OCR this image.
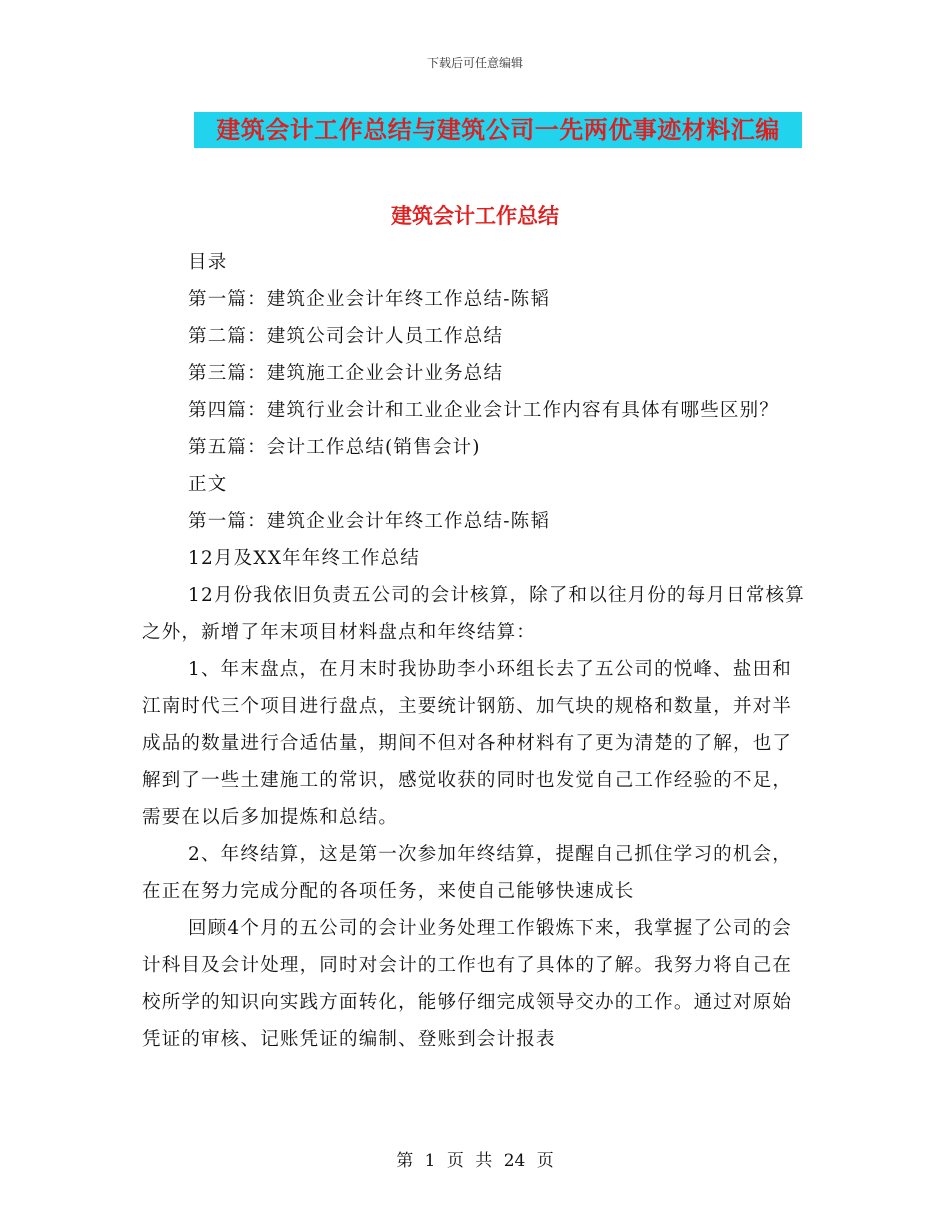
下载后可任意编辑
建筑会计工作总结与建筑公司一先两优事迹材料汇编
建筑会计工作总结

目录

第一篇：建筑企业会计年终工作总结-陈韬

第二篇：建筑公司会计人员工作总结

第三篇：建筑施工企业会计业务总结

第四篇：建筑行业会计和工业企业会计工作内容有具体有哪些区别？

第五篇：会计工作总结(销售会计)

正文

第一篇：建筑企业会计年终工作总结-陈韬

12月及XX年年终工作总结

12月份我依旧负责五公司的会计核算，除了和以往月份的每月日常核算之外，新增了年末项目材料盘点和年终结算：

1、年末盘点，在月末时我协助李小环组长去了五公司的悦峰、盐田和江南时代三个项目进行盘点，主要统计钢筋、加气块的规格和数量，并对半成品的数量进行合适估量，期间不但对各种材料有了更为清楚的了解，也了解到了一些土建施工的常识，感觉收获的同时也发觉自己工作经验的不足，需要在以后多加提炼和总结。

2、年终结算，这是第一次参加年终结算，提醒自己抓住学习的机会，在正在努力完成分配的各项任务，来使自己能够快速成长

回顾4个月的五公司的会计业务处理工作锻炼下来，我掌握了公司的会计科目及会计处理，同时对会计的工作也有了具体的了解。我努力将自己在校所学的知识向实践方面转化，能够仔细完成领导交办的工作。通过对原始凭证的审核、记账凭证的编制、登账到会计报表

第 1 页 共 24 页
